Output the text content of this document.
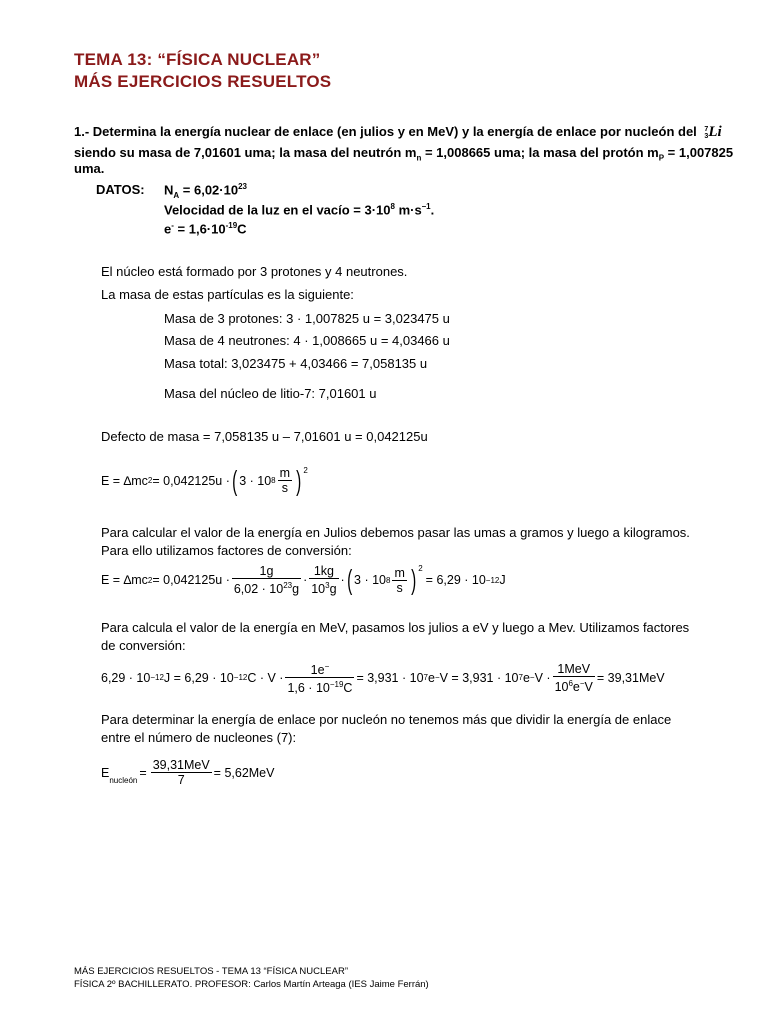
TEMA 13: “FÍSICA NUCLEAR”
MÁS EJERCICIOS RESUELTOS
1.- Determina la energía nuclear de enlace (en julios y en MeV) y la energía de enlace por nucleón del 7
3 Li
siendo su masa de 7,01601 uma; la masa del neutrón $m_n = 1,008665$ uma; la masa del protón $m_P = 1,007825$
uma.
DATOS: $N_A = 6,02\cdot 10^{23}$
Velocidad de la luz en el vacío = $3\cdot 10^8$ $m\cdot s^{-1}$.
$e^- = 1,6\cdot 10^{-19}C$
El núcleo está formado por 3 protones y 4 neutrones.
La masa de estas partículas es la siguiente:
Masa de 3 protones: 3 · 1,007825 u = 3,023475 u
Masa de 4 neutrones: 4 · 1,008665 u = 4,03466 u
Masa total: 3,023475 + 4,03466 = 7,058135 u
Masa del núcleo de litio-7: 7,01601 u
Defecto de masa = 7,058135 u – 7,01601 u = 0,042125u
E = ∆mc 2 = 0,042125u · ( 3 · 10 $8 \frac{m}{s}$ ) $^2$
Para calcular el valor de la energía en Julios debemos pasar las umas a gramos y luego a kilogramos.
Para ello utilizamos factores de conversión:
E = ∆mc $2 = 0,042125u \cdot \frac{1g}{6,02 \cdot 10^{23}g} \cdot \frac{1kg}{10^3g}$ · ( 3 · 10 $8 \frac{m}{s}$ ) $^2$
= 6,29 · 10 −12 J
Para calcula el valor de la energía en MeV, pasamos los julios a eV y luego a Mev. Utilizamos factores
de conversión:
6,29 · 10 −12 J = 6,29 · 10 −12 $C \cdot V \cdot \frac{1e^-}{1,6 \cdot 10^{-19}C} = 3,931 \cdot 10$ 7 e − V = 3,931 · 10 7 $e - V \cdot \frac{\text{1MeV}}{10^6e^-V} = 39,31MeV$
Para determinar la energía de enlace por nucleón no tenemos más que dividir la energía de enlace
entre el número de nucleones (7):
E
$_{nucleón}$
= $\frac{\text{39,31MeV}}{7} = 5,62MeV$
MÁS EJERCICIOS RESUELTOS - TEMA 13 “FÍSICA NUCLEAR”
FÍSICA 2º BACHILLERATO. PROFESOR: Carlos Martín Arteaga (IES Jaime Ferrán)
